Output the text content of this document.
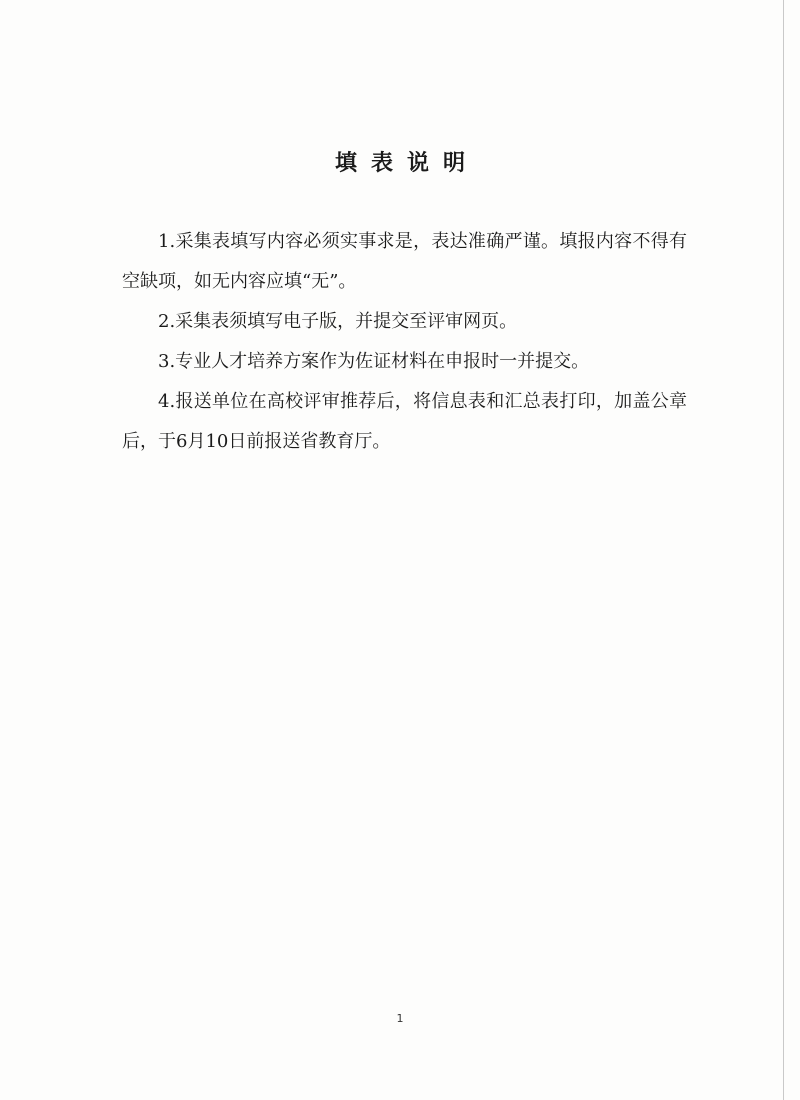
填表说明

1.采集表填写内容必须实事求是，表达准确严谨。填报内容不得有空缺项，如无内容应填“无”。

2.采集表须填写电子版，并提交至评审网页。

3.专业人才培养方案作为佐证材料在申报时一并提交。

4.报送单位在高校评审推荐后，将信息表和汇总表打印，加盖公章后，于6月10日前报送省教育厅。

1
